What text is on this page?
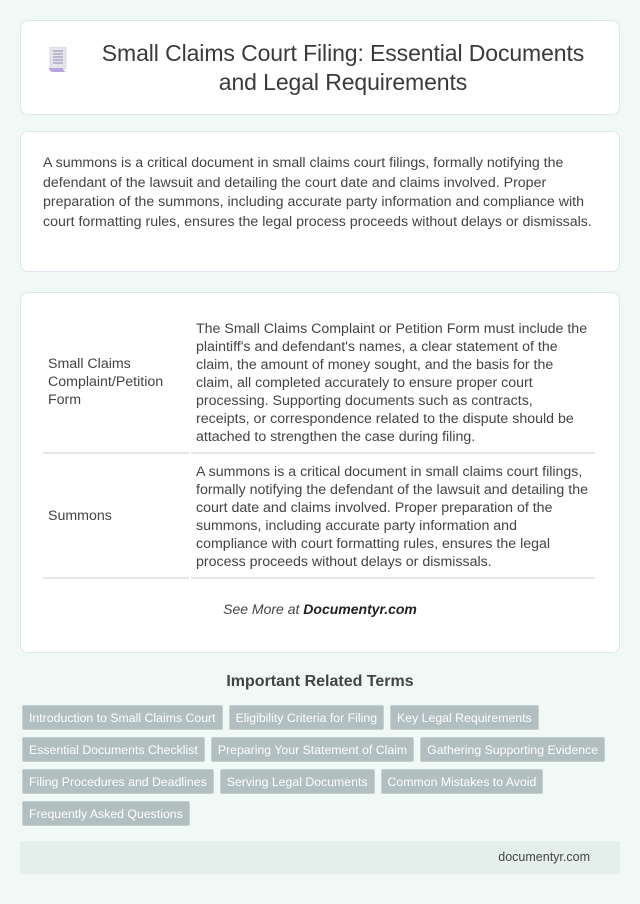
Small Claims Court Filing: Essential Documents and Legal Requirements

A summons is a critical document in small claims court filings, formally notifying the defendant of the lawsuit and detailing the court date and claims involved. Proper preparation of the summons, including accurate party information and compliance with court formatting rules, ensures the legal process proceeds without delays or dismissals.

Small Claims Complaint/Petition Form	The Small Claims Complaint or Petition Form must include the plaintiff's and defendant's names, a clear statement of the claim, the amount of money sought, and the basis for the claim, all completed accurately to ensure proper court processing. Supporting documents such as contracts, receipts, or correspondence related to the dispute should be attached to strengthen the case during filing.
Summons	A summons is a critical document in small claims court filings, formally notifying the defendant of the lawsuit and detailing the court date and claims involved. Proper preparation of the summons, including accurate party information and compliance with court formatting rules, ensures the legal process proceeds without delays or dismissals.

See More at Documentyr.com

Important Related Terms
Introduction to Small Claims Court	Eligibility Criteria for Filing	Key Legal Requirements
Essential Documents Checklist	Preparing Your Statement of Claim	Gathering Supporting Evidence
Filing Procedures and Deadlines	Serving Legal Documents	Common Mistakes to Avoid
Frequently Asked Questions
documentyr.com
